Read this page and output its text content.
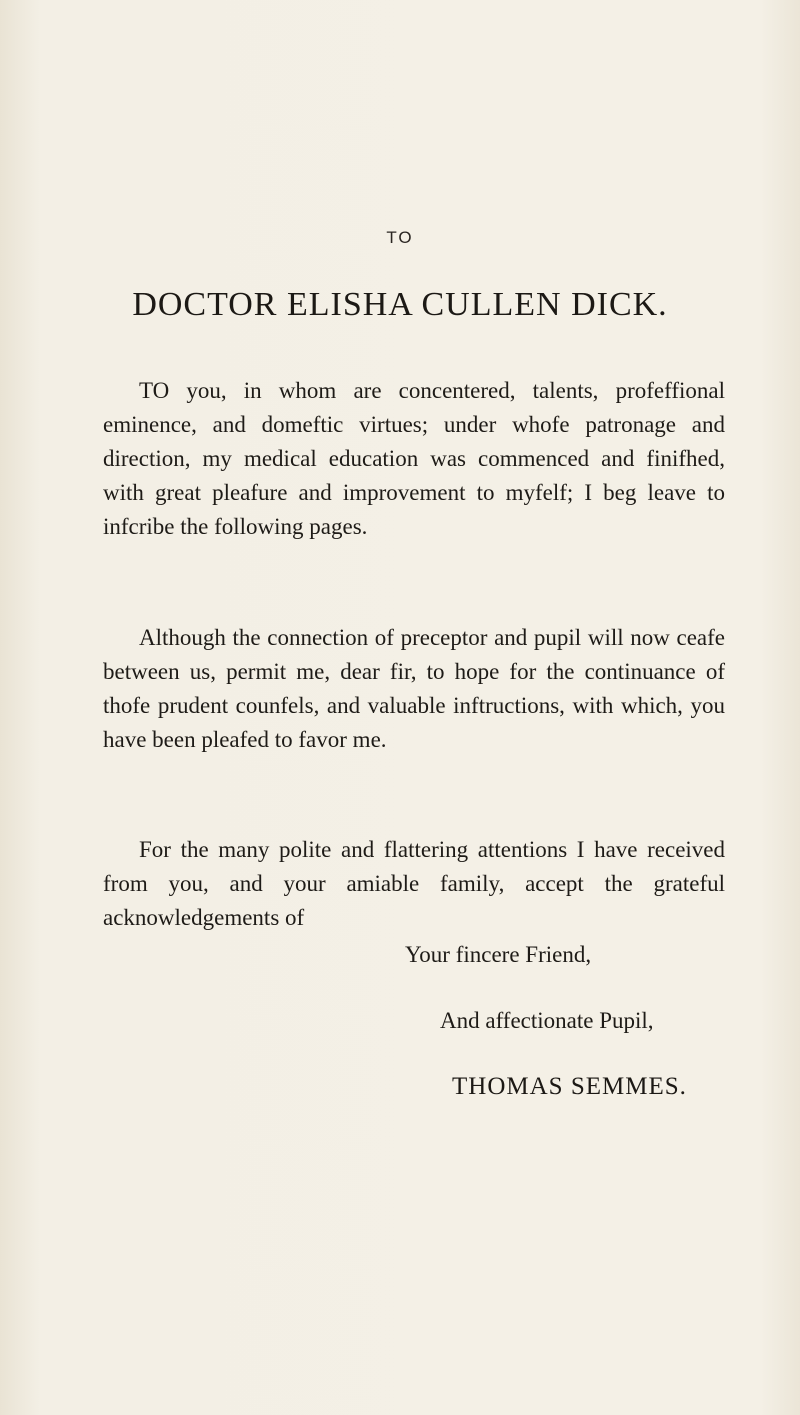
TO
DOCTOR ELISHA CULLEN DICK.

TO you, in whom are concentered, talents, profeffional eminence, and domeftic virtues; under whofe patronage and direction, my medical education was commenced and finifhed, with great pleafure and improvement to myfelf; I beg leave to infcribe the following pages.

Although the connection of preceptor and pupil will now ceafe between us, permit me, dear fir, to hope for the continuance of thofe prudent counfels, and valuable inftructions, with which, you have been pleafed to favor me.

For the many polite and flattering attentions I have received from you, and your amiable family, accept the grateful acknowledgements of

Your fincere Friend,
And affectionate Pupil,
THOMAS SEMMES.
